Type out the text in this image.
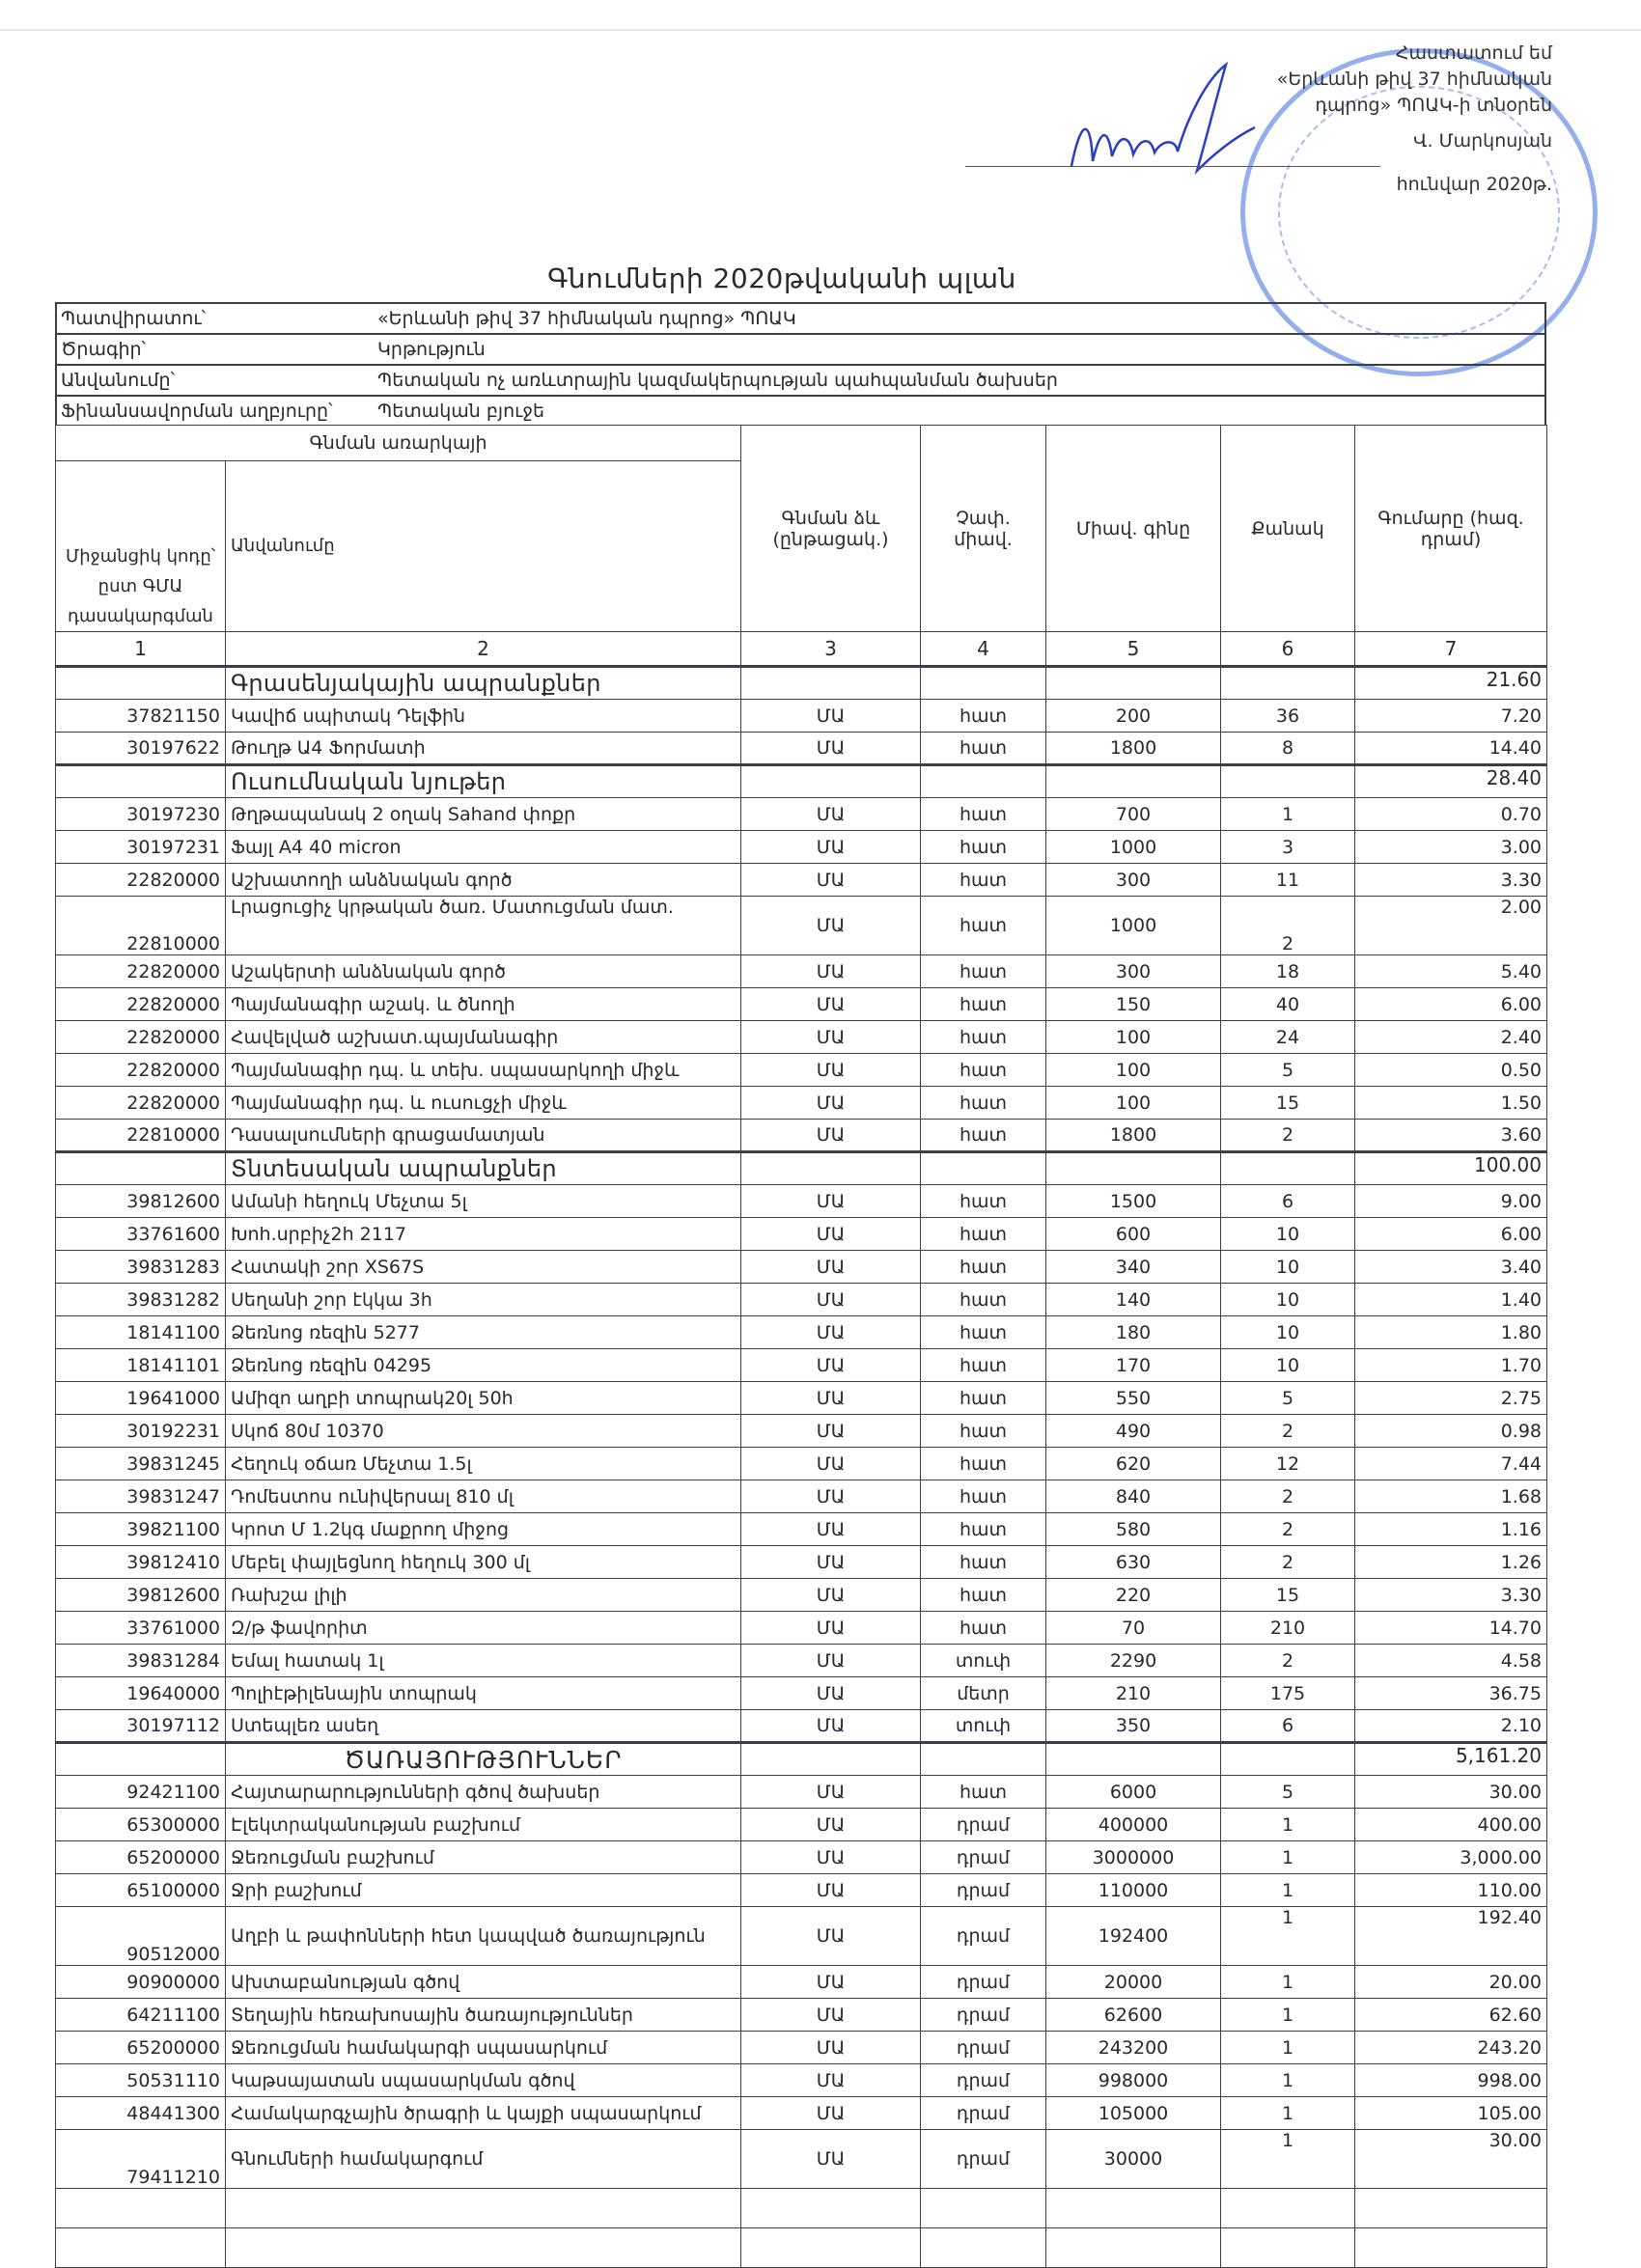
Հաստատում եմ
«Երևանի թիվ 37 հիմնական
դպրոց» ՊՈԱԿ-ի տնօրեն
Վ. Մարկոսյան
հունվար 2020թ.
Գնումների 2020թվականի պլան
Պատվիրատու՝	«Երևանի թիվ 37 հիմնական դպրոց» ՊՈԱԿ
Ծրագիր՝	Կրթություն
Անվանումը՝	Պետական ոչ առևտրային կազմակերպության պահպանման ծախսեր
Ֆինանսավորման աղբյուրը՝	Պետական բյուջե
Գնման առարկայի		Գնման ձև (ընթացակ.)	Չափ. միավ.	Միավ. գինը	Քանակ	Գումարը (հազ. դրամ)
Միջանցիկ կոդը՝ ըստ ԳՄԱ դասակարգման	Անվանումը					
1	2	3	4	5	6	7
	Գրասենյակային ապրանքներ					21.60
37821150	Կավիճ սպիտակ Դելֆին	ՄԱ	հատ	200	36	7.20
30197622	Թուղթ Ա4 Ֆորմատի	ՄԱ	հատ	1800	8	14.40
	Ուսումնական նյութեր					28.40
30197230	Թղթապանակ 2 օղակ Sahand փոքր	ՄԱ	հատ	700	1	0.70
30197231	Ֆայլ A4 40 micron	ՄԱ	հատ	1000	3	3.00
22820000	Աշխատողի անձնական գործ	ՄԱ	հատ	300	11	3.30
22810000	Լրացուցիչ կրթական ծառ. Մատուցման մատ.	ՄԱ	հատ	1000	2	2.00
22820000	Աշակերտի անձնական գործ	ՄԱ	հատ	300	18	5.40
22820000	Պայմանագիր աշակ. և ծնողի	ՄԱ	հատ	150	40	6.00
22820000	Հավելված աշխատ.պայմանագիր	ՄԱ	հատ	100	24	2.40
22820000	Պայմանագիր դպ. և տեխ. սպասարկողի միջև	ՄԱ	հատ	100	5	0.50
22820000	Պայմանագիր դպ. և ուսուցչի միջև	ՄԱ	հատ	100	15	1.50
22810000	Դասալսումների գրացամատյան	ՄԱ	հատ	1800	2	3.60
	Տնտեսական ապրանքներ					100.00
39812600	Ամանի հեղուկ Մեչտա 5լ	ՄԱ	հատ	1500	6	9.00
33761600	Խոհ.սրբիչ2հ 2117	ՄԱ	հատ	600	10	6.00
39831283	Հատակի շոր XS67S	ՄԱ	հատ	340	10	3.40
39831282	Սեղանի շոր էկկա 3հ	ՄԱ	հատ	140	10	1.40
18141100	Ձեռնոց ռեզին 5277	ՄԱ	հատ	180	10	1.80
18141101	Ձեռնոց ռեզին 04295	ՄԱ	հատ	170	10	1.70
19641000	Ամիզո աղբի տոպրակ20լ 50հ	ՄԱ	հատ	550	5	2.75
30192231	Սկոճ 80մ 10370	ՄԱ	հատ	490	2	0.98
39831245	Հեղուկ օճառ Մեչտա 1.5լ	ՄԱ	հատ	620	12	7.44
39831247	Դոմեստոս ունիվերսալ 810 մլ	ՄԱ	հատ	840	2	1.68
39821100	Կրոտ Մ 1.2կգ մաքրող միջոց	ՄԱ	հատ	580	2	1.16
39812410	Մեբել փայլեցնող հեղուկ 300 մլ	ՄԱ	հատ	630	2	1.26
39812600	Ռախշա լիլի	ՄԱ	հատ	220	15	3.30
33761000	Զ/թ ֆավորիտ	ՄԱ	հատ	70	210	14.70
39831284	Եմալ հատակ 1լ	ՄԱ	տուփ	2290	2	4.58
19640000	Պոլիէթիլենային տոպրակ	ՄԱ	մետր	210	175	36.75
30197112	Ստեպլեռ ասեղ	ՄԱ	տուփ	350	6	2.10
	ԾԱՌԱՅՈՒԹՅՈՒՆՆԵՐ					5,161.20
92421100	Հայտարարությունների գծով ծախսեր	ՄԱ	հատ	6000	5	30.00
65300000	Էլեկտրականության բաշխում	ՄԱ	դրամ	400000	1	400.00
65200000	Ջեռուցման բաշխում	ՄԱ	դրամ	3000000	1	3,000.00
65100000	Ջրի բաշխում	ՄԱ	դրամ	110000	1	110.00
90512000	Աղբի և թափոնների հետ կապված ծառայություն	ՄԱ	դրամ	192400	1	192.40
90900000	Ախտաբանության գծով	ՄԱ	դրամ	20000	1	20.00
64211100	Տեղային հեռախոսային ծառայություններ	ՄԱ	դրամ	62600	1	62.60
65200000	Ջեռուցման համակարգի սպասարկում	ՄԱ	դրամ	243200	1	243.20
50531110	Կաթսայատան սպասարկման գծով	ՄԱ	դրամ	998000	1	998.00
48441300	Համակարգչային ծրագրի և կայքի սպասարկում	ՄԱ	դրամ	105000	1	105.00
79411210	Գնումների համակարգում	ՄԱ	դրամ	30000	1	30.00
